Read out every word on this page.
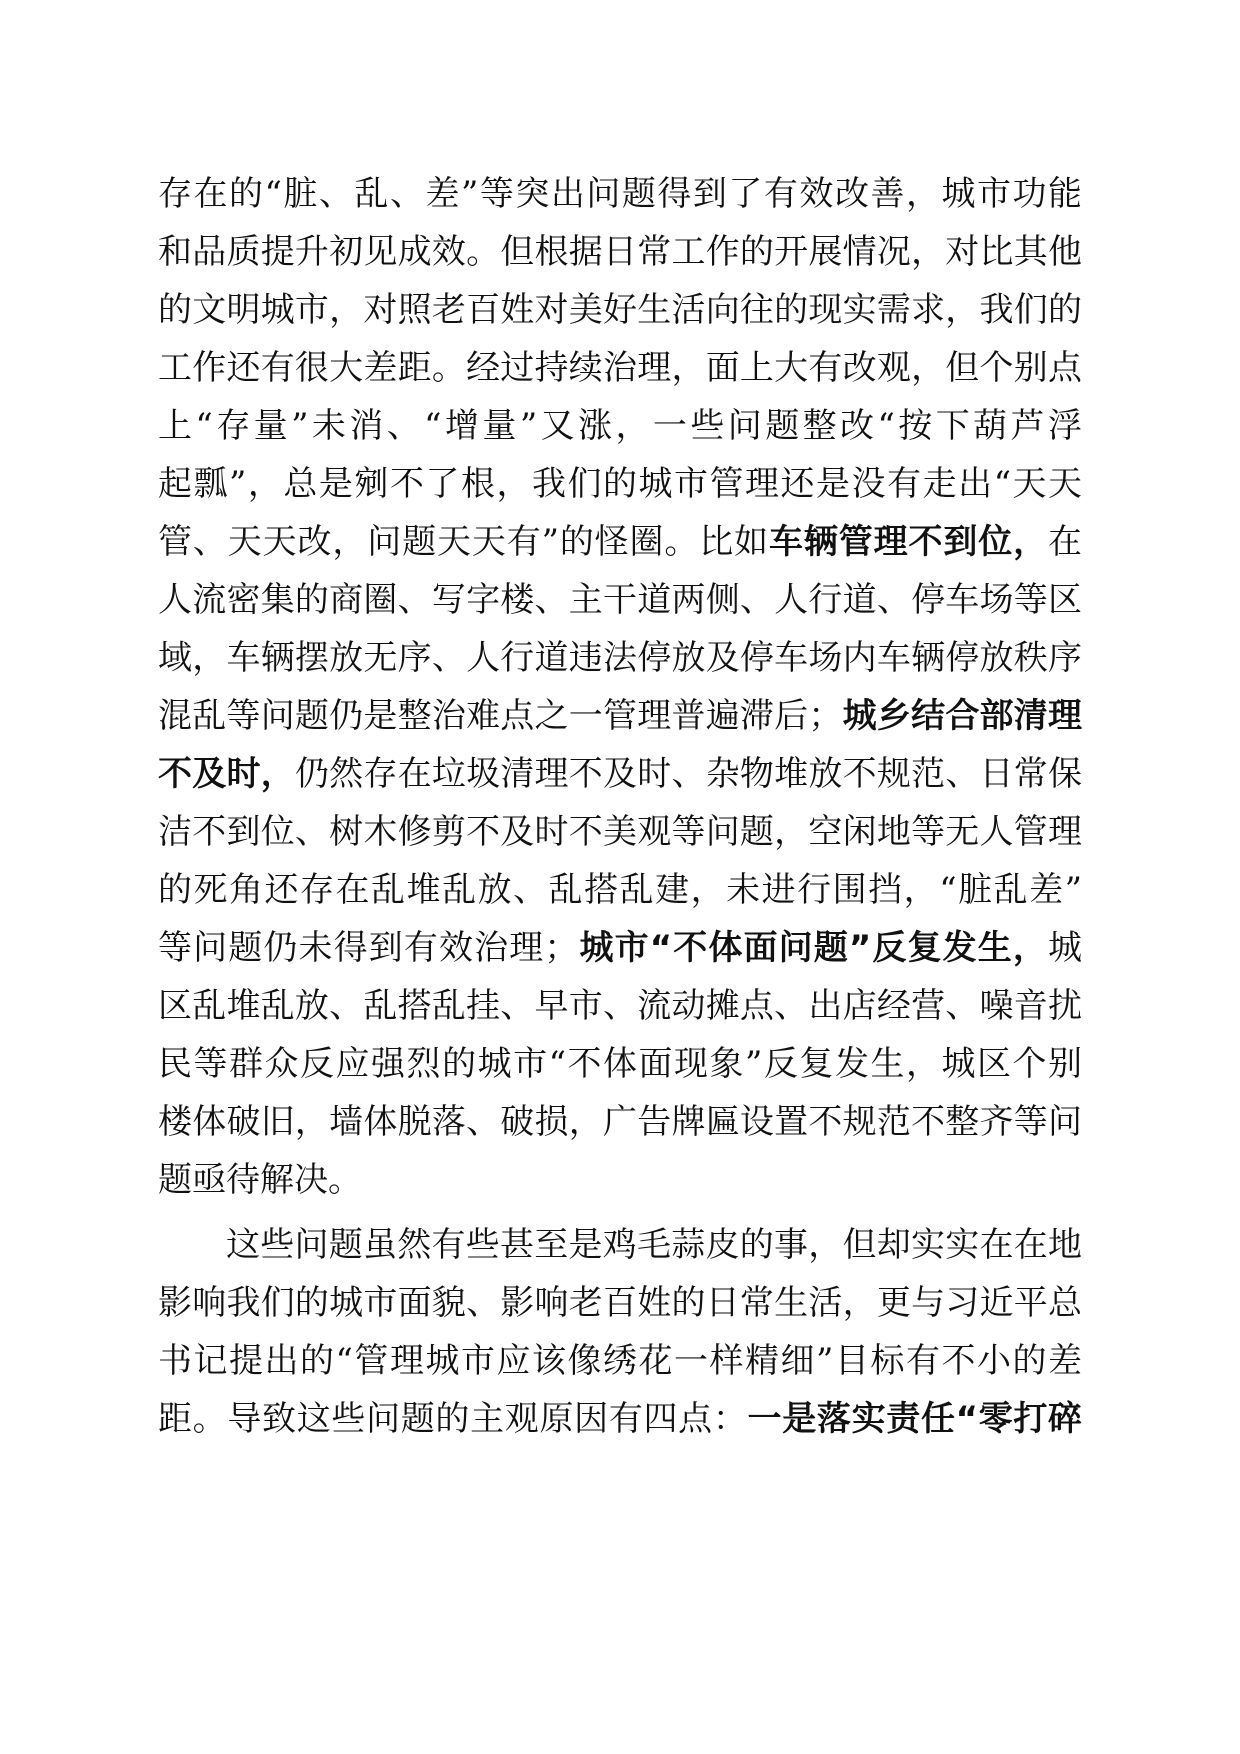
存在的“脏、乱、差”等突出问题得到了有效改善，城市功能
和品质提升初见成效。但根据日常工作的开展情况，对比其他
的文明城市，对照老百姓对美好生活向往的现实需求，我们的
工作还有很大差距。经过持续治理，面上大有改观，但个别点
上“存量”未消、“增量”又涨，一些问题整改“按下葫芦浮
起瓢”，总是剜不了根，我们的城市管理还是没有走出“天天
管、天天改，问题天天有”的怪圈。比如车辆管理不到位，在
人流密集的商圈、写字楼、主干道两侧、人行道、停车场等区
域，车辆摆放无序、人行道违法停放及停车场内车辆停放秩序
混乱等问题仍是整治难点之一管理普遍滞后；城乡结合部清理
不及时，仍然存在垃圾清理不及时、杂物堆放不规范、日常保
洁不到位、树木修剪不及时不美观等问题，空闲地等无人管理
的死角还存在乱堆乱放、乱搭乱建，未进行围挡，“脏乱差”
等问题仍未得到有效治理；城市“不体面问题”反复发生，城
区乱堆乱放、乱搭乱挂、早市、流动摊点、出店经营、噪音扰
民等群众反应强烈的城市“不体面现象”反复发生，城区个别
楼体破旧，墙体脱落、破损，广告牌匾设置不规范不整齐等问
题亟待解决。
这些问题虽然有些甚至是鸡毛蒜皮的事，但却实实在在地
影响我们的城市面貌、影响老百姓的日常生活，更与习近平总
书记提出的“管理城市应该像绣花一样精细”目标有不小的差
距。导致这些问题的主观原因有四点：一是落实责任“零打碎
